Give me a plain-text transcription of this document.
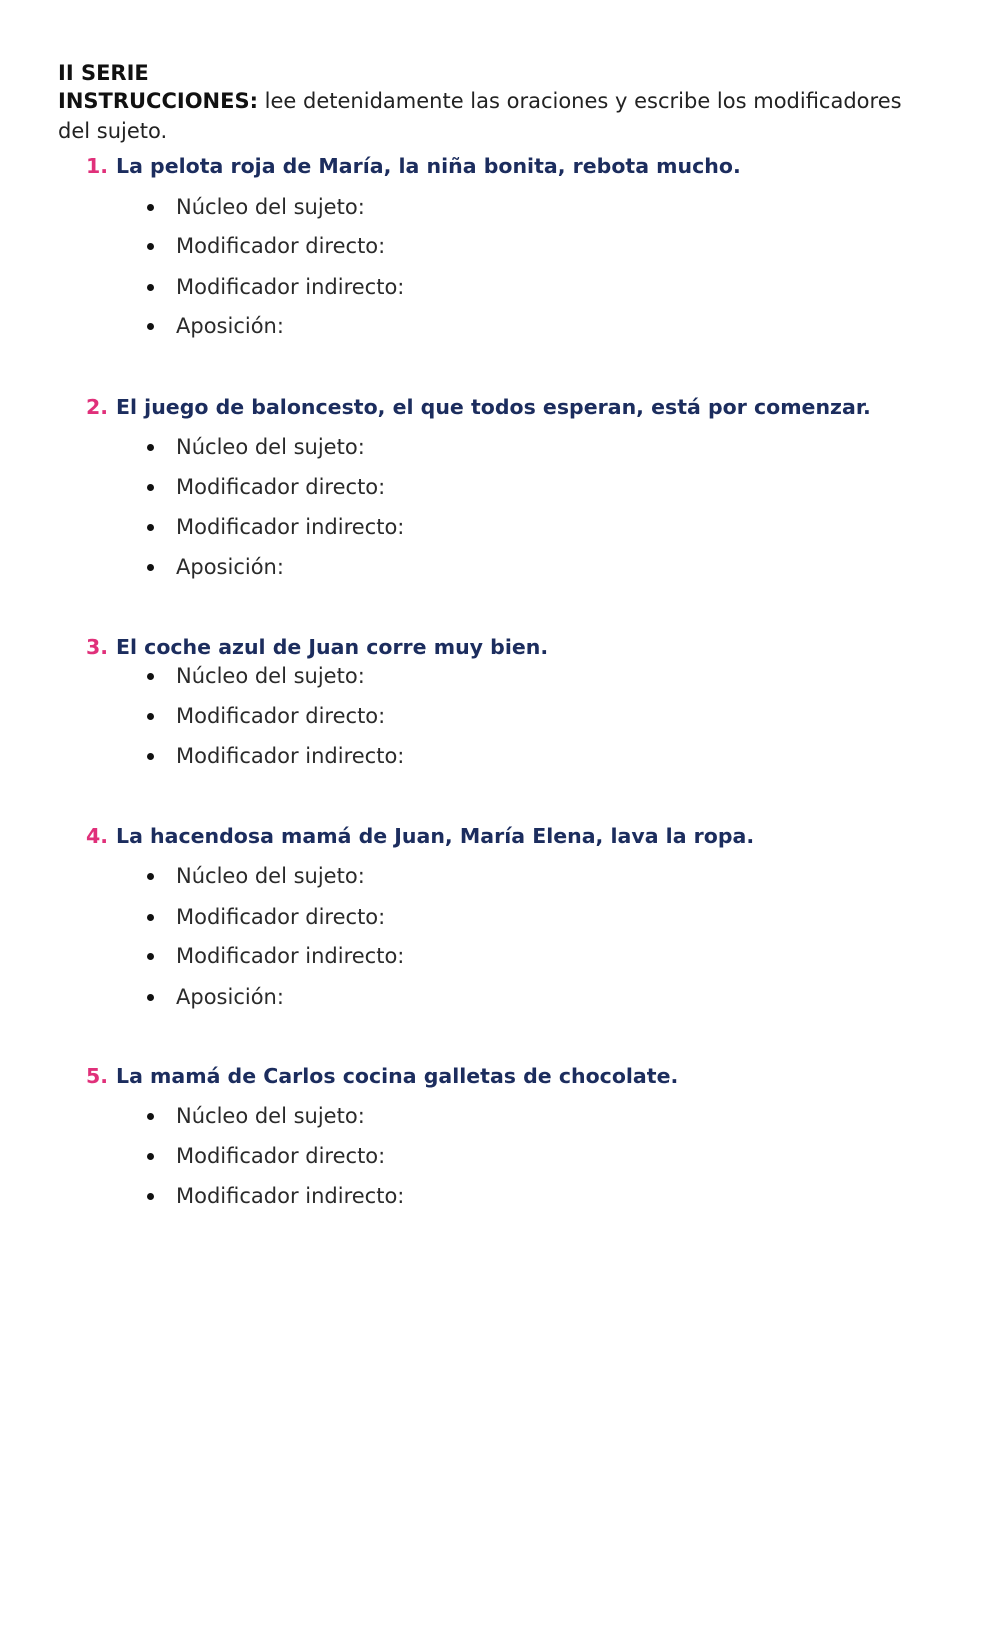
II SERIE
INSTRUCCIONES: lee detenidamente las oraciones y escribe los modificadores del sujeto.
1. La pelota roja de María, la niña bonita, rebota mucho.
Núcleo del sujeto:
Modificador directo:
Modificador indirecto:
Aposición:
2. El juego de baloncesto, el que todos esperan, está por comenzar.
Núcleo del sujeto:
Modificador directo:
Modificador indirecto:
Aposición:
3. El coche azul de Juan corre muy bien.
Núcleo del sujeto:
Modificador directo:
Modificador indirecto:
4. La hacendosa mamá de Juan, María Elena, lava la ropa.
Núcleo del sujeto:
Modificador directo:
Modificador indirecto:
Aposición:
5. La mamá de Carlos cocina galletas de chocolate.
Núcleo del sujeto:
Modificador directo:
Modificador indirecto:
